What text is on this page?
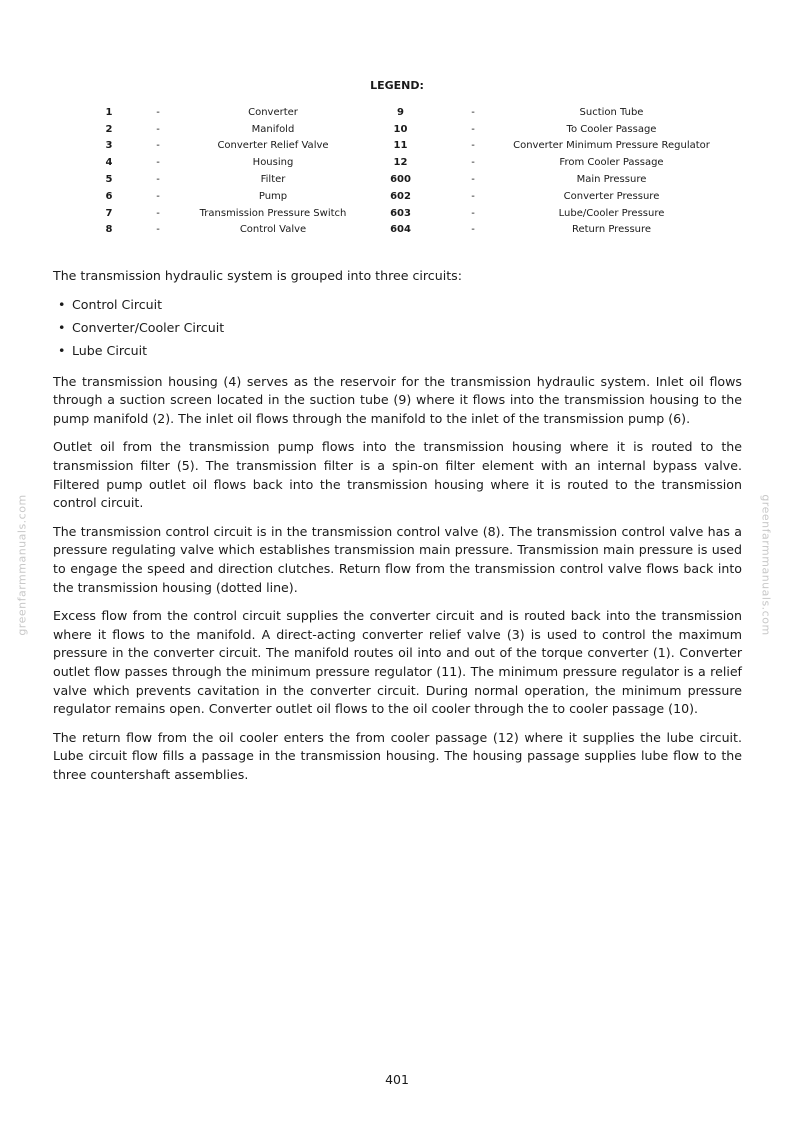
LEGEND:
1	-	Converter	9	-	Suction Tube
2	-	Manifold	10	-	To Cooler Passage
3	-	Converter Relief Valve	11	-	Converter Minimum Pressure Regulator
4	-	Housing	12	-	From Cooler Passage
5	-	Filter	600	-	Main Pressure
6	-	Pump	602	-	Converter Pressure
7	-	Transmission Pressure Switch	603	-	Lube/Cooler Pressure
8	-	Control Valve	604	-	Return Pressure

The transmission hydraulic system is grouped into three circuits:

• Control Circuit
• Converter/Cooler Circuit
• Lube Circuit

The transmission housing (4) serves as the reservoir for the transmission hydraulic system. Inlet oil flows through a suction screen located in the suction tube (9) where it flows into the transmission housing to the pump manifold (2). The inlet oil flows through the manifold to the inlet of the transmission pump (6).

Outlet oil from the transmission pump flows into the transmission housing where it is routed to the transmission filter (5). The transmission filter is a spin-on filter element with an internal bypass valve. Filtered pump outlet oil flows back into the transmission housing where it is routed to the transmission control circuit.

The transmission control circuit is in the transmission control valve (8). The transmission control valve has a pressure regulating valve which establishes transmission main pressure. Transmission main pressure is used to engage the speed and direction clutches. Return flow from the transmission control valve flows back into the transmission housing (dotted line).

Excess flow from the control circuit supplies the converter circuit and is routed back into the transmission where it flows to the manifold. A direct-acting converter relief valve (3) is used to control the maximum pressure in the converter circuit. The manifold routes oil into and out of the torque converter (1). Converter outlet flow passes through the minimum pressure regulator (11). The minimum pressure regulator is a relief valve which prevents cavitation in the converter circuit. During normal operation, the minimum pressure regulator remains open. Converter outlet oil flows to the oil cooler through the to cooler passage (10).

The return flow from the oil cooler enters the from cooler passage (12) where it supplies the lube circuit. Lube circuit flow fills a passage in the transmission housing. The housing passage supplies lube flow to the three countershaft assemblies.

401
greenfarmmanuals.com	greenfarmmanuals.com
